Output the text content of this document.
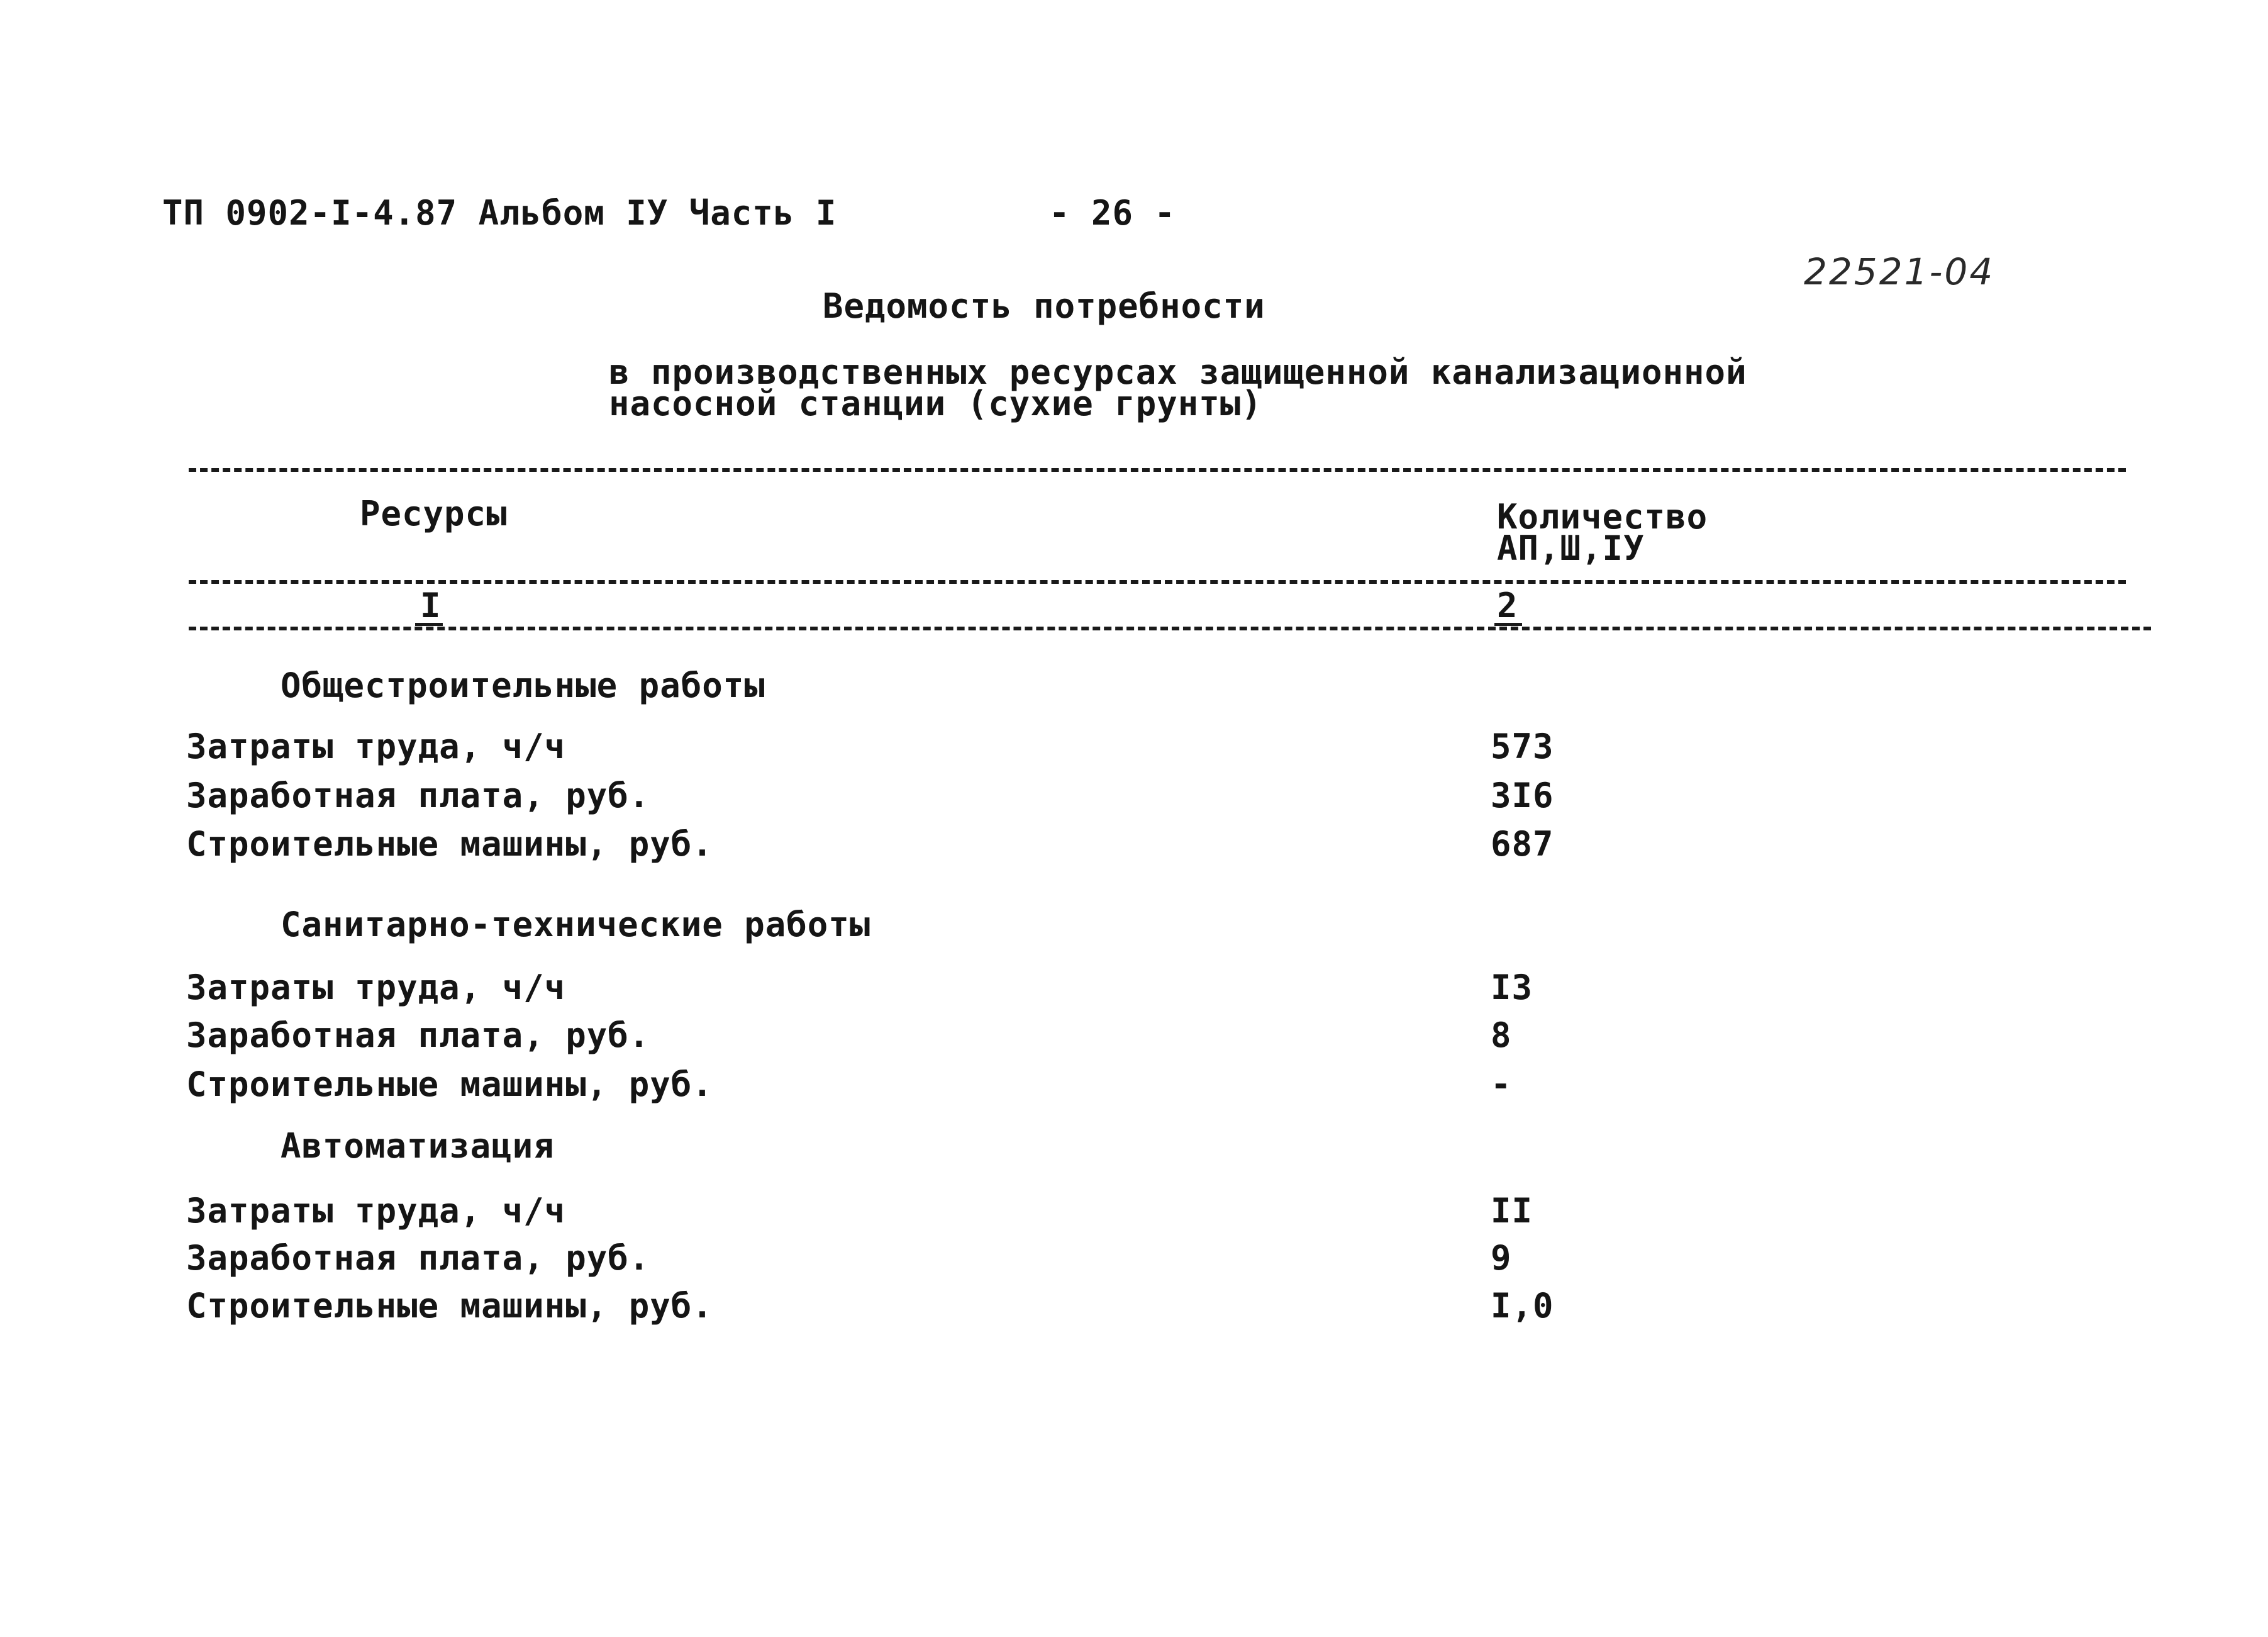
ТП 0902-I-4.87 Альбом IУ Часть I	- 26 -
22521-04
Ведомость потребности
в производственных ресурсах защищенной канализационной
насосной станции (сухие грунты)
Ресурсы	Количество
АП,Ш,IУ
I	2
Общестроительные работы
Затраты труда, ч/ч	573
Заработная плата, руб.	3I6
Строительные машины, руб.	687
Санитарно-технические работы
Затраты труда, ч/ч	I3
Заработная плата, руб.	8
Строительные машины, руб.	-
Автоматизация
Затраты труда, ч/ч	II
Заработная плата, руб.	9
Строительные машины, руб.	I,0
